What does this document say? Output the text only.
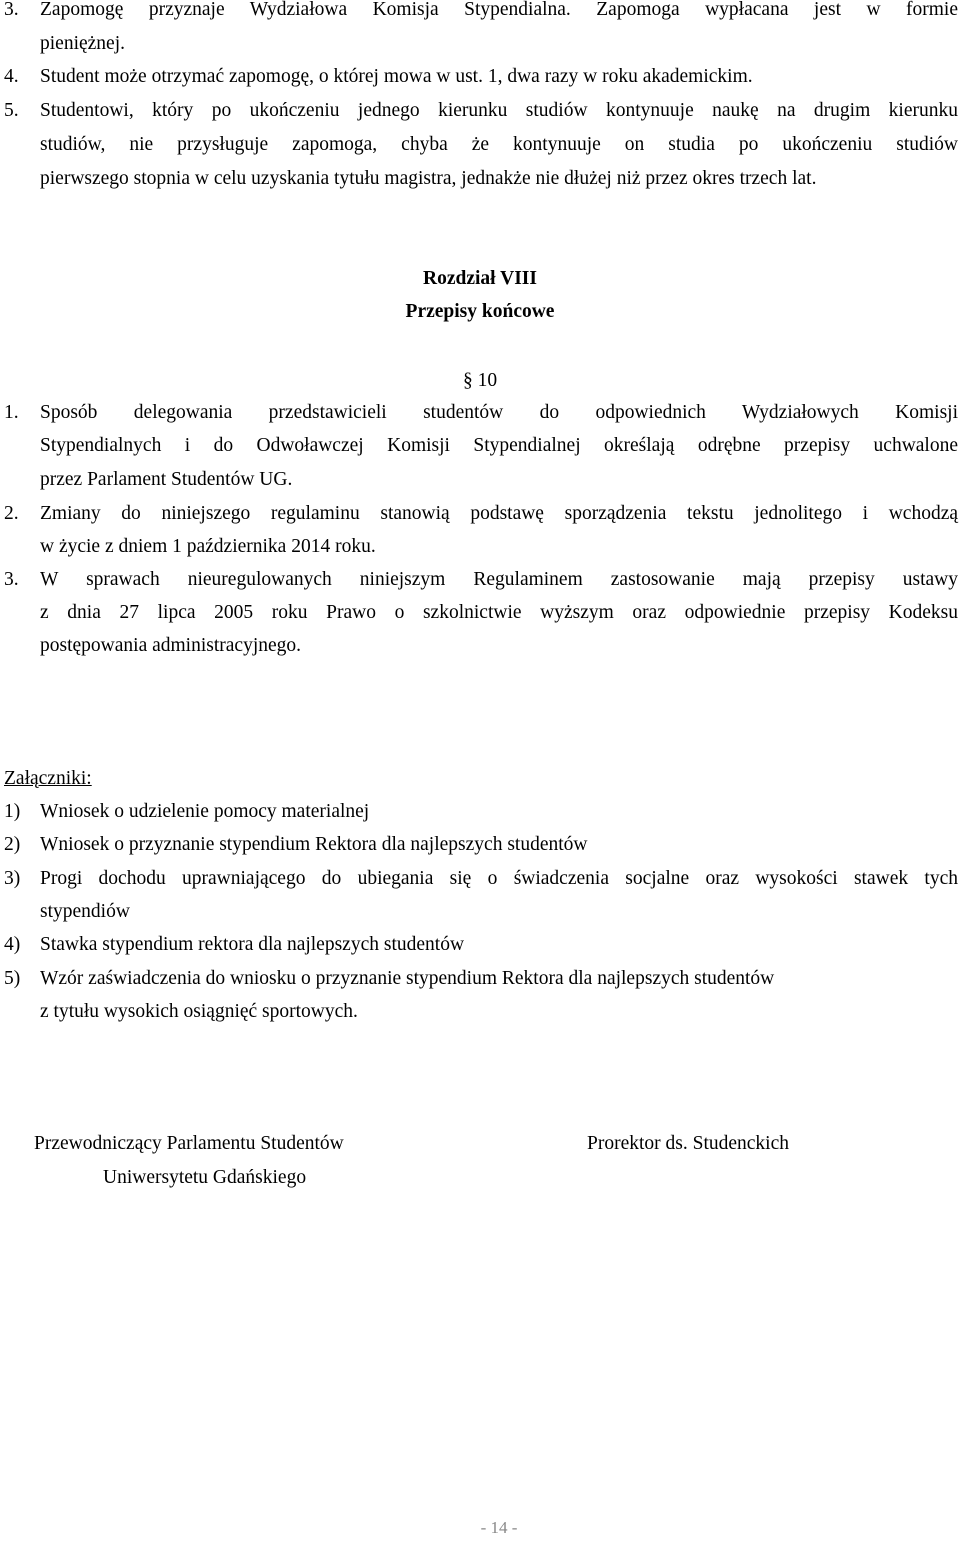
3. Zapomogę przyznaje Wydziałowa Komisja Stypendialna. Zapomoga wypłacana jest w formie
pieniężnej.
4. Student może otrzymać zapomogę, o której mowa w ust. 1, dwa razy w roku akademickim.
5. Studentowi, który po ukończeniu jednego kierunku studiów kontynuuje naukę na drugim kierunku
studiów, nie przysługuje zapomoga, chyba że kontynuuje on studia po ukończeniu studiów
pierwszego stopnia w celu uzyskania tytułu magistra, jednakże nie dłużej niż przez okres trzech lat.
Rozdział VIII
Przepisy końcowe
§ 10
1. Sposób delegowania przedstawicieli studentów do odpowiednich Wydziałowych Komisji
Stypendialnych i do Odwoławczej Komisji Stypendialnej określają odrębne przepisy uchwalone
przez Parlament Studentów UG.
2. Zmiany do niniejszego regulaminu stanowią podstawę sporządzenia tekstu jednolitego i wchodzą
w życie z dniem 1 października 2014 roku.
3. W sprawach nieuregulowanych niniejszym Regulaminem zastosowanie mają przepisy ustawy
z dnia 27 lipca 2005 roku Prawo o szkolnictwie wyższym oraz odpowiednie przepisy Kodeksu
postępowania administracyjnego.
Załączniki:
1) Wniosek o udzielenie pomocy materialnej
2) Wniosek o przyznanie stypendium Rektora dla najlepszych studentów
3) Progi dochodu uprawniającego do ubiegania się o świadczenia socjalne oraz wysokości stawek tych
stypendiów
4) Stawka stypendium rektora dla najlepszych studentów
5) Wzór zaświadczenia do wniosku o przyznanie stypendium Rektora dla najlepszych studentów
z tytułu wysokich osiągnięć sportowych.
Przewodniczący Parlamentu Studentów
Uniwersytetu Gdańskiego
Prorektor ds. Studenckich
- 14 -
